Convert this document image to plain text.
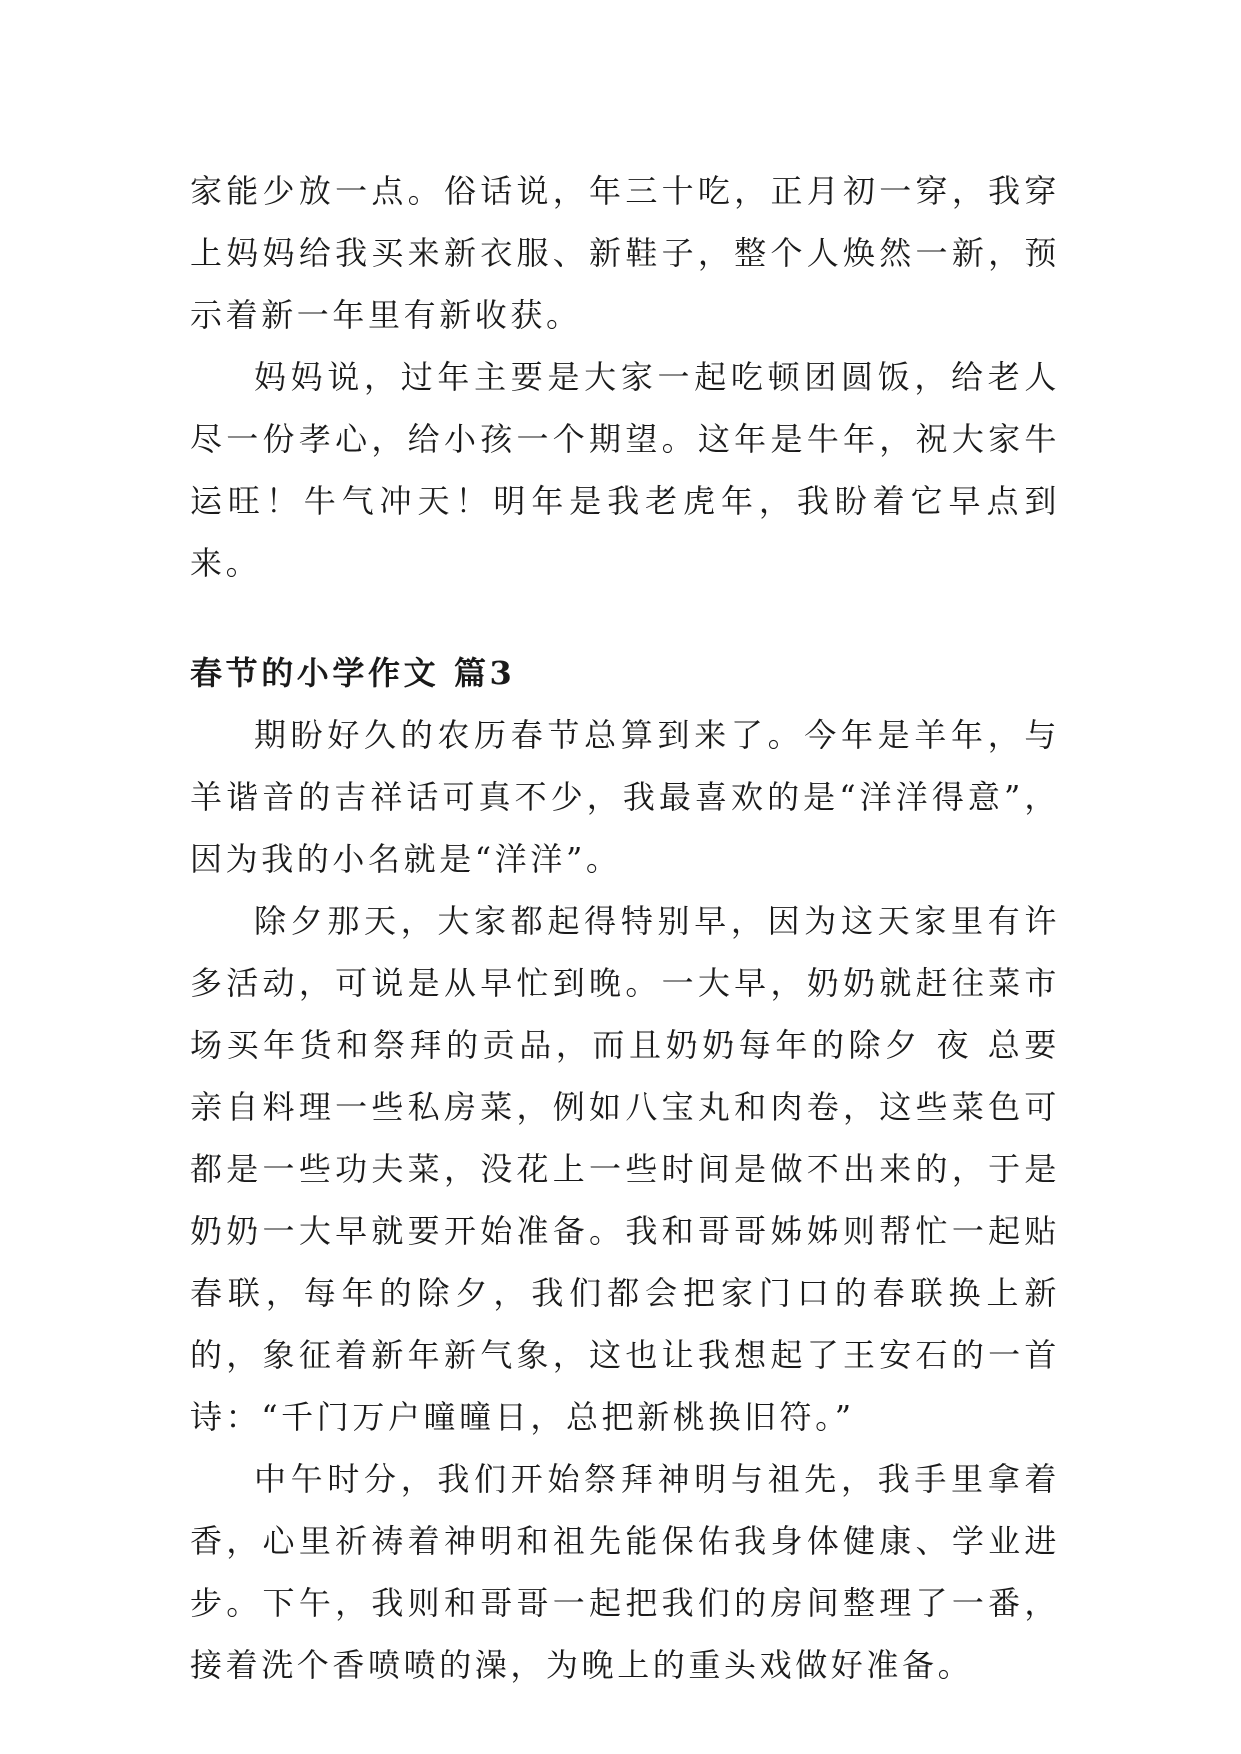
家能少放一点。俗话说，年三十吃，正月初一穿，我穿上妈妈给我买来新衣服、新鞋子，整个人焕然一新，预示着新一年里有新收获。

妈妈说，过年主要是大家一起吃顿团圆饭，给老人尽一份孝心，给小孩一个期望。这年是牛年，祝大家牛运旺！牛气冲天！明年是我老虎年，我盼着它早点到来。

春节的小学作文 篇3

期盼好久的农历春节总算到来了。今年是羊年，与羊谐音的吉祥话可真不少，我最喜欢的是“洋洋得意”，因为我的小名就是“洋洋”。

除夕那天，大家都起得特别早，因为这天家里有许多活动，可说是从早忙到晚。一大早，奶奶就赶往菜市场买年货和祭拜的贡品，而且奶奶每年的除夕 夜 总要亲自料理一些私房菜，例如八宝丸和肉卷，这些菜色可都是一些功夫菜，没花上一些时间是做不出来的，于是奶奶一大早就要开始准备。我和哥哥姊姊则帮忙一起贴春联，每年的除夕，我们都会把家门口的春联换上新的，象征着新年新气象，这也让我想起了王安石的一首诗：“千门万户曈曈日，总把新桃换旧符。”

中午时分，我们开始祭拜神明与祖先，我手里拿着香，心里祈祷着神明和祖先能保佑我身体健康、学业进步。下午，我则和哥哥一起把我们的房间整理了一番，接着洗个香喷喷的澡，为晚上的重头戏做好准备。
